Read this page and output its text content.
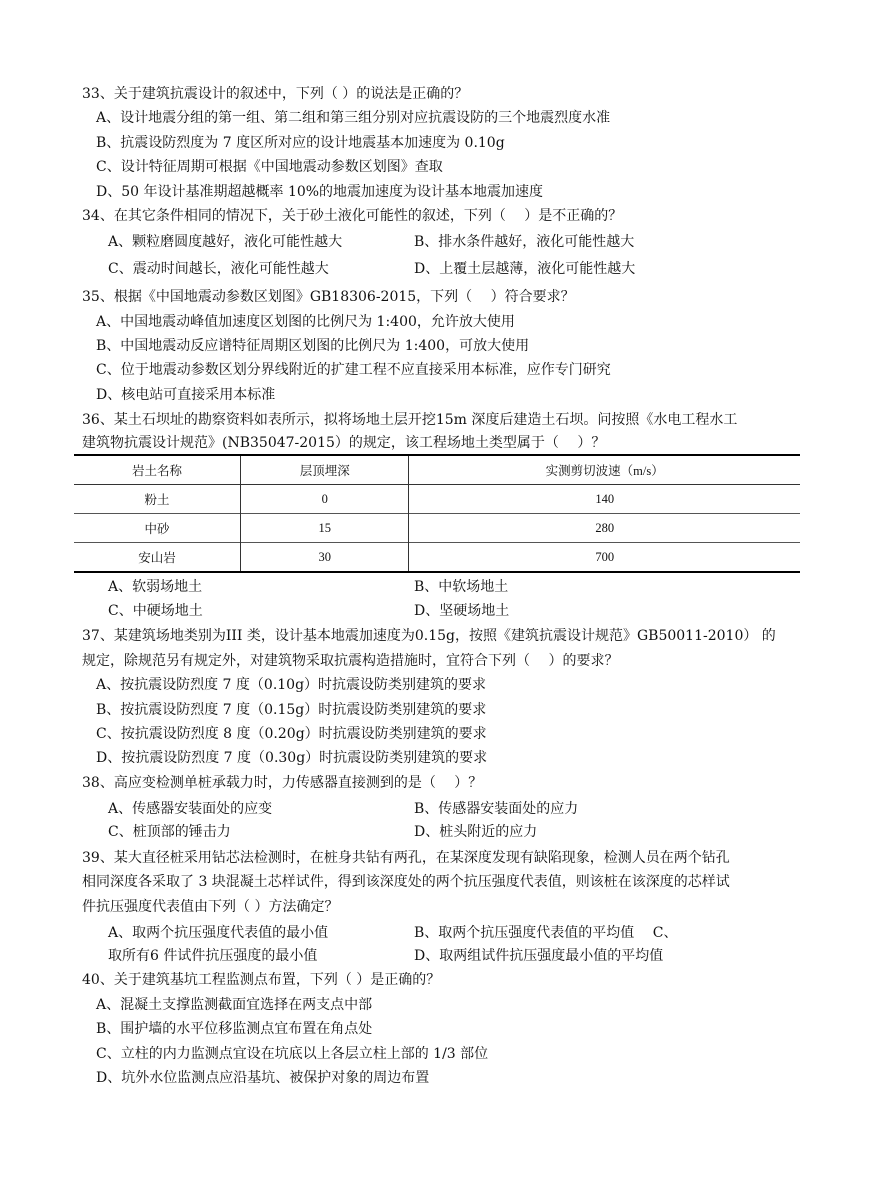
33、关于建筑抗震设计的叙述中，下列（ ）的说法是正确的？
A、设计地震分组的第一组、第二组和第三组分别对应抗震设防的三个地震烈度水准
B、抗震设防烈度为 7 度区所对应的设计地震基本加速度为 0.10g
C、设计特征周期可根据《中国地震动参数区划图》查取
D、50 年设计基准期超越概率 10%的地震加速度为设计基本地震加速度
34、在其它条件相同的情况下，关于砂土液化可能性的叙述，下列（　 ）是不正确的？
A、颗粒磨圆度越好，液化可能性越大	B、排水条件越好，液化可能性越大
C、震动时间越长，液化可能性越大	D、上覆土层越薄，液化可能性越大
35、根据《中国地震动参数区划图》GB18306-2015，下列（　 ）符合要求？
A、中国地震动峰值加速度区划图的比例尺为 1:400，允许放大使用
B、中国地震动反应谱特征周期区划图的比例尺为 1:400，可放大使用
C、位于地震动参数区划分界线附近的扩建工程不应直接采用本标准，应作专门研究
D、核电站可直接采用本标准
36、某土石坝址的勘察资料如表所示，拟将场地土层开挖15m 深度后建造土石坝。问按照《水电工程水工
建筑物抗震设计规范》(NB35047-2015）的规定，该工程场地土类型属于（　 ）？
岩土名称	层顶埋深	实测剪切波速（m/s）
粉土	0	140
中砂	15	280
安山岩	30	700
A、软弱场地土	B、中软场地土
C、中硬场地土	D、坚硬场地土
37、某建筑场地类别为III 类，设计基本地震加速度为0.15g，按照《建筑抗震设计规范》GB50011-2010） 的
规定，除规范另有规定外，对建筑物采取抗震构造措施时，宜符合下列（　 ）的要求？
A、按抗震设防烈度 7 度（0.10g）时抗震设防类别建筑的要求
B、按抗震设防烈度 7 度（0.15g）时抗震设防类别建筑的要求
C、按抗震设防烈度 8 度（0.20g）时抗震设防类别建筑的要求
D、按抗震设防烈度 7 度（0.30g）时抗震设防类别建筑的要求
38、高应变检测单桩承载力时，力传感器直接测到的是（　 ）？
A、传感器安装面处的应变	B、传感器安装面处的应力
C、桩顶部的锤击力	D、桩头附近的应力
39、某大直径桩采用钻芯法检测时，在桩身共钻有两孔，在某深度发现有缺陷现象，检测人员在两个钻孔
相同深度各采取了 3 块混凝土芯样试件，得到该深度处的两个抗压强度代表值，则该桩在该深度的芯样试
件抗压强度代表值由下列（ ）方法确定？
A、取两个抗压强度代表值的最小值	B、取两个抗压强度代表值的平均值　 C、
取所有6 件试件抗压强度的最小值	D、取两组试件抗压强度最小值的平均值
40、关于建筑基坑工程监测点布置，下列（ ）是正确的？
A、混凝土支撑监测截面宜选择在两支点中部
B、围护墙的水平位移监测点宜布置在角点处
C、立柱的内力监测点宜设在坑底以上各层立柱上部的 1/3 部位
D、坑外水位监测点应沿基坑、被保护对象的周边布置
